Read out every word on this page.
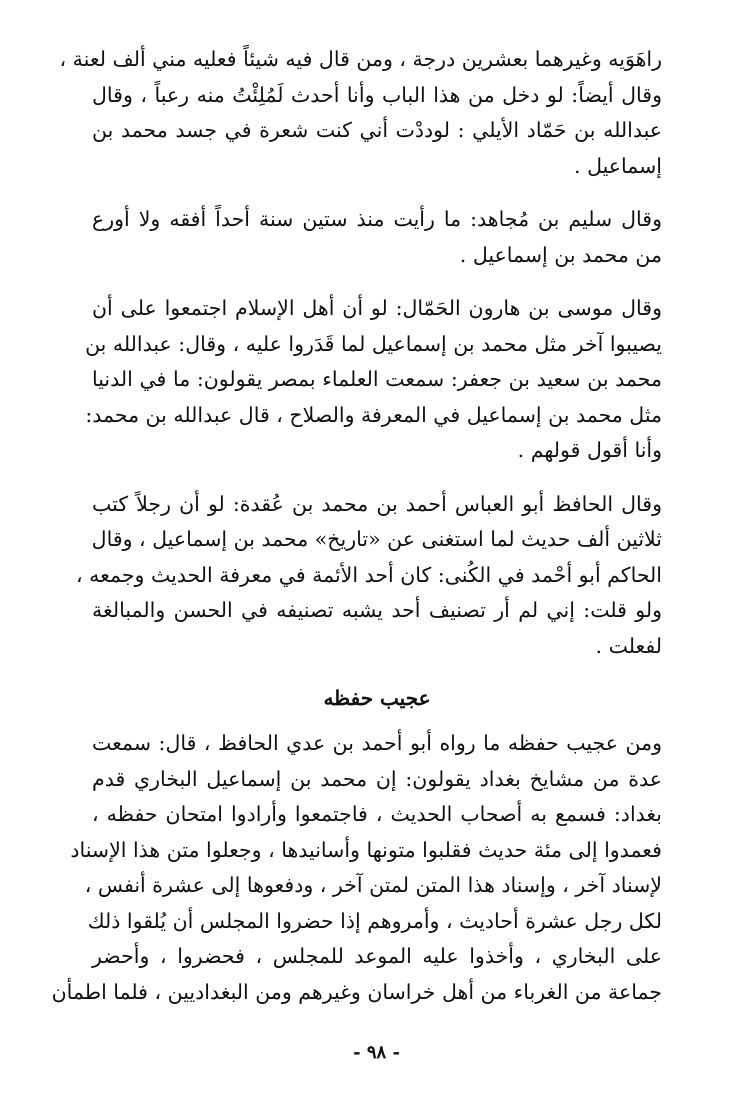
راهَوَيه وغيرهما بعشرين درجة ، ومن قال فيه شيئاً فعليه مني ألف لعنة ،
وقال أيضاً: لو دخل من هذا الباب وأنا أحدث لَمُلِئْتُ منه رعباً ، وقال
عبدالله بن حَمّاد الأيلي : لوددْت أني كنت شعرة في جسد محمد بن
إسماعيل .

وقال سليم بن مُجاهد: ما رأيت منذ ستين سنة أحداً أفقه ولا أورع
من محمد بن إسماعيل .

وقال موسى بن هارون الحَمّال: لو أن أهل الإسلام اجتمعوا على أن
يصيبوا آخر مثل محمد بن إسماعيل لما قَدَروا عليه ، وقال: عبدالله بن
محمد بن سعيد بن جعفر: سمعت العلماء بمصر يقولون: ما في الدنيا
مثل محمد بن إسماعيل في المعرفة والصلاح ، قال عبدالله بن محمد:
وأنا أقول قولهم .

وقال الحافظ أبو العباس أحمد بن محمد بن عُقدة: لو أن رجلاً كتب
ثلاثين ألف حديث لما استغنى عن «تاريخ» محمد بن إسماعيل ، وقال
الحاكم أبو أحْمد في الكُنى: كان أحد الأئمة في معرفة الحديث وجمعه ،
ولو قلت: إني لم أر تصنيف أحد يشبه تصنيفه في الحسن والمبالغة
لفعلت .

عجيب حفظه

ومن عجيب حفظه ما رواه أبو أحمد بن عدي الحافظ ، قال: سمعت
عدة من مشايخ بغداد يقولون: إن محمد بن إسماعيل البخاري قدم
بغداد: فسمع به أصحاب الحديث ، فاجتمعوا وأرادوا امتحان حفظه ،
فعمدوا إلى مئة حديث فقلبوا متونها وأسانيدها ، وجعلوا متن هذا الإسناد
لإسناد آخر ، وإسناد هذا المتن لمتن آخر ، ودفعوها إلى عشرة أنفس ،
لكل رجل عشرة أحاديث ، وأمروهم إذا حضروا المجلس أن يُلقوا ذلك
على البخاري ، وأخذوا عليه الموعد للمجلس ، فحضروا ، وأحضر
جماعة من الغرباء من أهل خراسان وغيرهم ومن البغداديين ، فلما اطمأن

- ٩٨ -
